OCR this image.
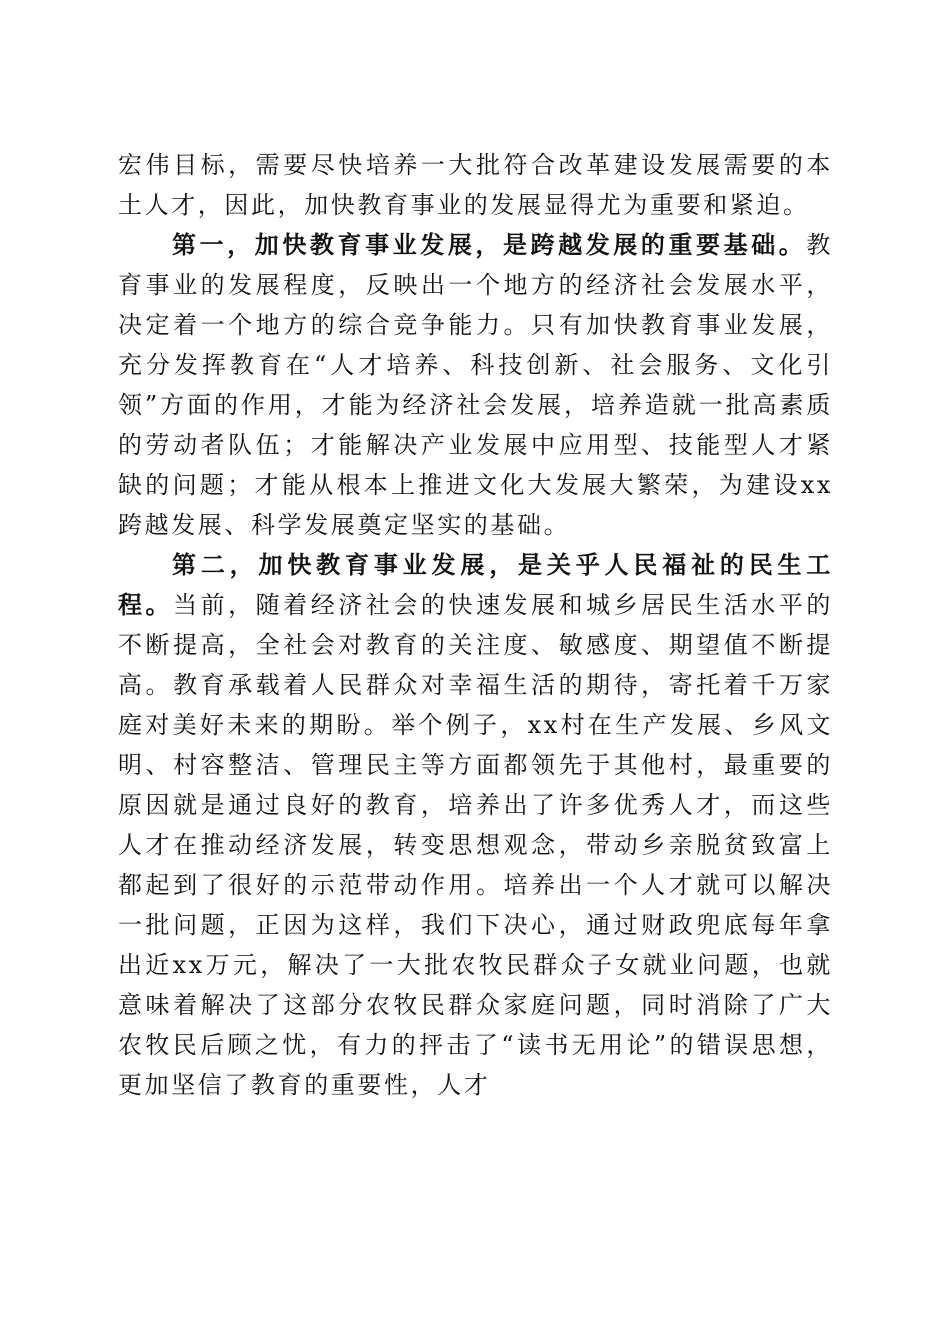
宏伟目标，需要尽快培养一大批符合改革建设发展需要的本土人才，因此，加快教育事业的发展显得尤为重要和紧迫。

第一，加快教育事业发展，是跨越发展的重要基础。教育事业的发展程度，反映出一个地方的经济社会发展水平，决定着一个地方的综合竞争能力。只有加快教育事业发展，充分发挥教育在“人才培养、科技创新、社会服务、文化引领”方面的作用，才能为经济社会发展，培养造就一批高素质的劳动者队伍；才能解决产业发展中应用型、技能型人才紧缺的问题；才能从根本上推进文化大发展大繁荣，为建设xx跨越发展、科学发展奠定坚实的基础。

第二，加快教育事业发展，是关乎人民福祉的民生工程。当前，随着经济社会的快速发展和城乡居民生活水平的不断提高，全社会对教育的关注度、敏感度、期望值不断提高。教育承载着人民群众对幸福生活的期待，寄托着千万家庭对美好未来的期盼。举个例子，xx村在生产发展、乡风文明、村容整洁、管理民主等方面都领先于其他村，最重要的原因就是通过良好的教育，培养出了许多优秀人才，而这些人才在推动经济发展，转变思想观念，带动乡亲脱贫致富上都起到了很好的示范带动作用。培养出一个人才就可以解决一批问题，正因为这样，我们下决心，通过财政兜底每年拿出近xx万元，解决了一大批农牧民群众子女就业问题，也就意味着解决了这部分农牧民群众家庭问题，同时消除了广大农牧民后顾之忧，有力的抨击了“读书无用论”的错误思想，更加坚信了教育的重要性，人才
